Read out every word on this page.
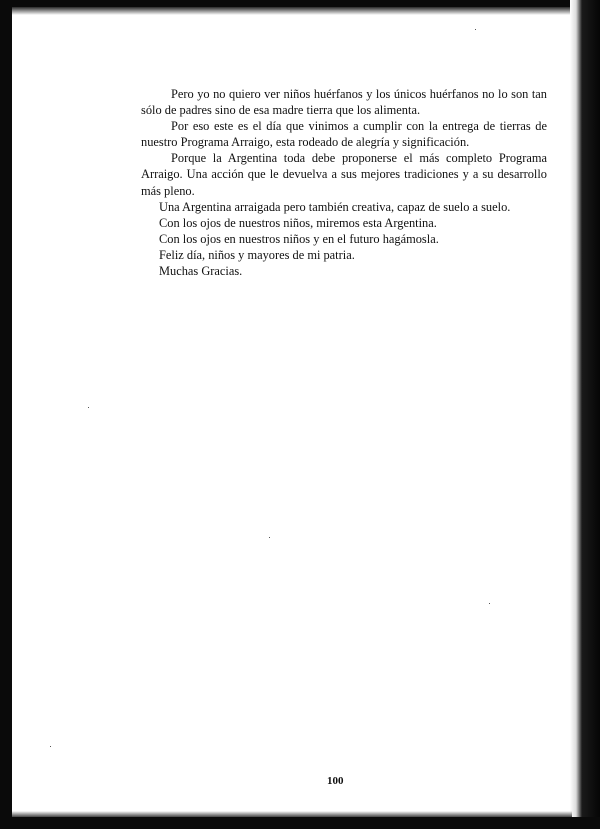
Pero yo no quiero ver niños huérfanos y los únicos huérfanos no lo son tan sólo de padres sino de esa madre tierra que los alimenta.

Por eso este es el día que vinimos a cumplir con la entrega de tierras de nuestro Programa Arraigo, esta rodeado de alegría y significación.

Porque la Argentina toda debe proponerse el más completo Programa Arraigo. Una acción que le devuelva a sus mejores tradiciones y a su desarrollo más pleno.

Una Argentina arraigada pero también creativa, capaz de suelo a suelo.

Con los ojos de nuestros niños, miremos esta Argentina.

Con los ojos en nuestros niños y en el futuro hagámosla.

Feliz día, niños y mayores de mi patria.

Muchas Gracias.

100
